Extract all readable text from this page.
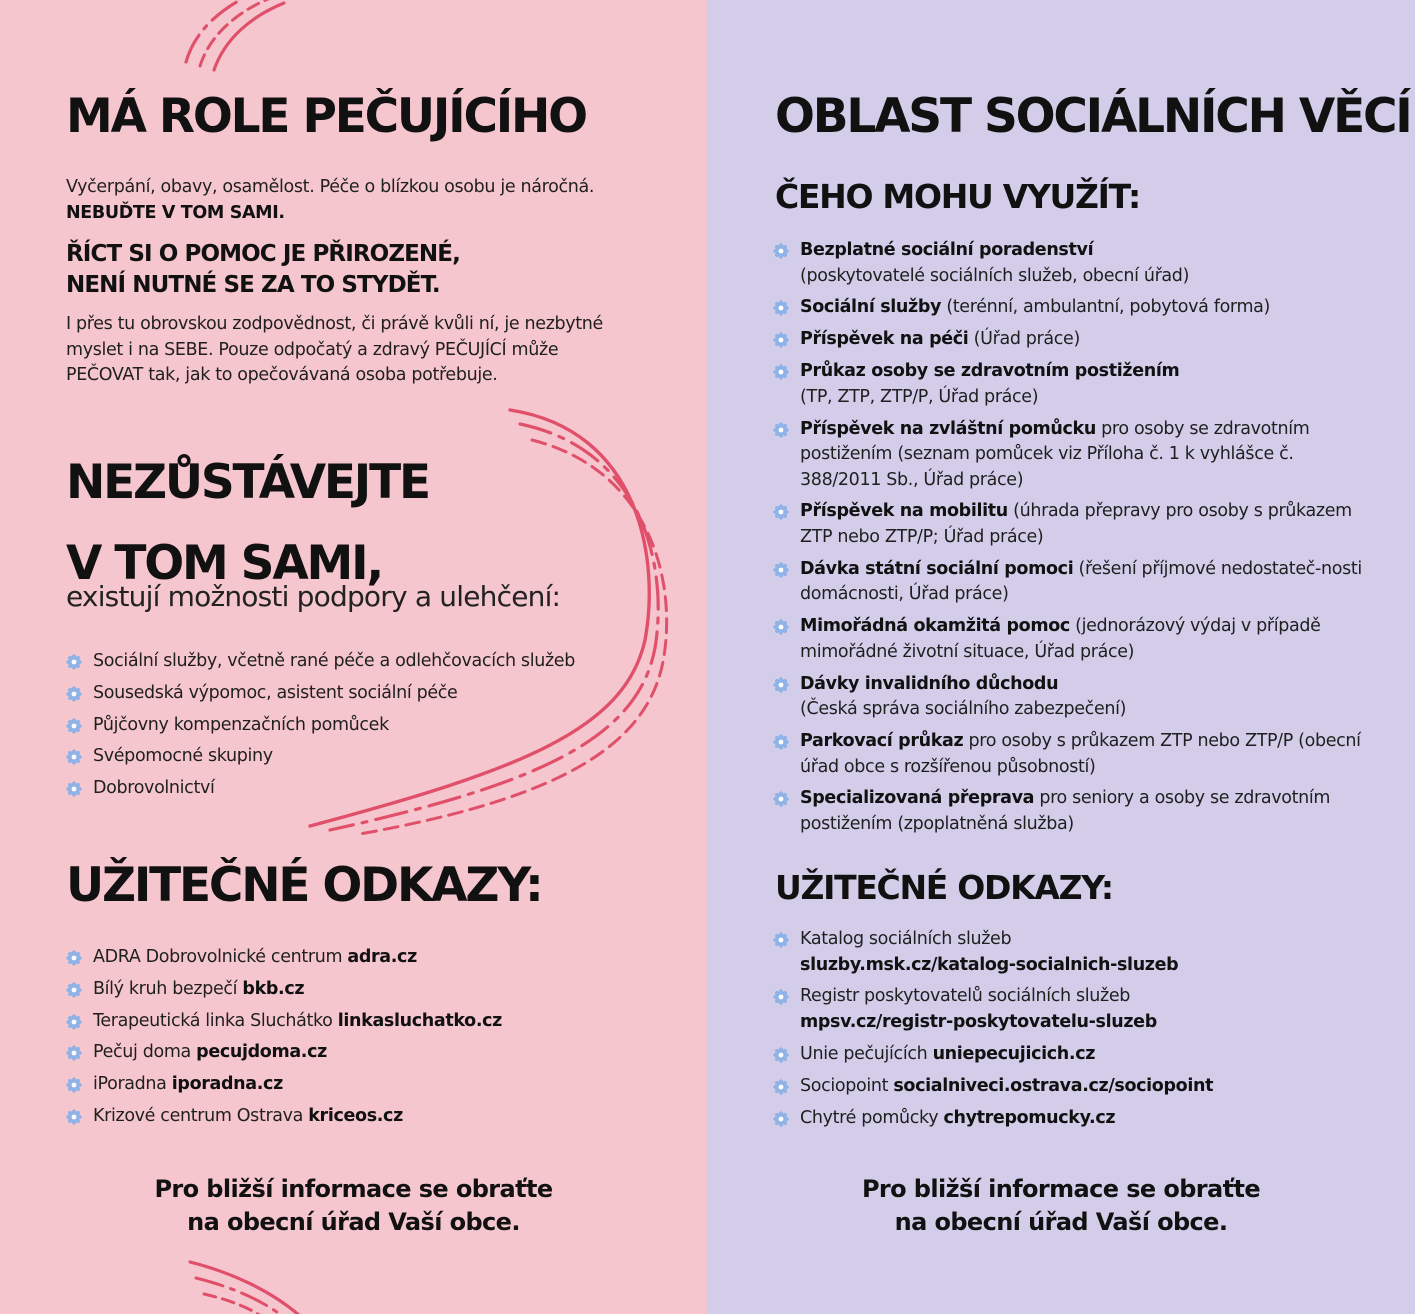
MÁ ROLE PEČUJÍCÍHO

Vyčerpání, obavy, osamělost. Péče o blízkou osobu je náročná.
NEBUĎTE V TOM SAMI.

ŘÍCT SI O POMOC JE PŘIROZENÉ,
NENÍ NUTNÉ SE ZA TO STYDĚT.

I přes tu obrovskou zodpovědnost, či právě kvůli ní, je nezbytné myslet i na SEBE. Pouze odpočatý a zdravý PEČUJÍCÍ může PEČOVAT tak, jak to opečovávaná osoba potřebuje.

NEZŮSTÁVEJTE
V TOM SAMI,

existují možnosti podpory a ulehčení:

Sociální služby, včetně rané péče a odlehčovacích služeb
Sousedská výpomoc, asistent sociální péče
Půjčovny kompenzačních pomůcek
Svépomocné skupiny
Dobrovolnictví
UŽITEČNÉ ODKAZY:
ADRA Dobrovolnické centrum adra.cz
Bílý kruh bezpečí bkb.cz
Terapeutická linka Sluchátko linkasluchatko.cz
Pečuj doma pecujdoma.cz
iPoradna iporadna.cz
Krizové centrum Ostrava kriceos.cz

Pro bližší informace se obraťte
na obecní úřad Vaší obce.

OBLAST SOCIÁLNÍCH VĚCÍ
ČEHO MOHU VYUŽÍT:
Bezplatné sociální poradenství
(poskytovatelé sociálních služeb, obecní úřad)
Sociální služby (terénní, ambulantní, pobytová forma)
Příspěvek na péči (Úřad práce)
Průkaz osoby se zdravotním postižením
(TP, ZTP, ZTP/P, Úřad práce)
Příspěvek na zvláštní pomůcku pro osoby se zdravotním postižením (seznam pomůcek viz Příloha č. 1 k vyhlášce č. 388/2011 Sb., Úřad práce)
Příspěvek na mobilitu (úhrada přepravy pro osoby s průkazem ZTP nebo ZTP/P; Úřad práce)
Dávka státní sociální pomoci (řešení příjmové nedostateč-nosti domácnosti, Úřad práce)
Mimořádná okamžitá pomoc (jednorázový výdaj v případě mimořádné životní situace, Úřad práce)
Dávky invalidního důchodu
(Česká správa sociálního zabezpečení)
Parkovací průkaz pro osoby s průkazem ZTP nebo ZTP/P (obecní úřad obce s rozšířenou působností)
Specializovaná přeprava pro seniory a osoby se zdravotním postižením (zpoplatněná služba)
UŽITEČNÉ ODKAZY:
Katalog sociálních služeb
sluzby.msk.cz/katalog-socialnich-sluzeb
Registr poskytovatelů sociálních služeb
mpsv.cz/registr-poskytovatelu-sluzeb
Unie pečujících uniepecujicich.cz
Sociopoint socialniveci.ostrava.cz/sociopoint
Chytré pomůcky chytrepomucky.cz

Pro bližší informace se obraťte
na obecní úřad Vaší obce.
